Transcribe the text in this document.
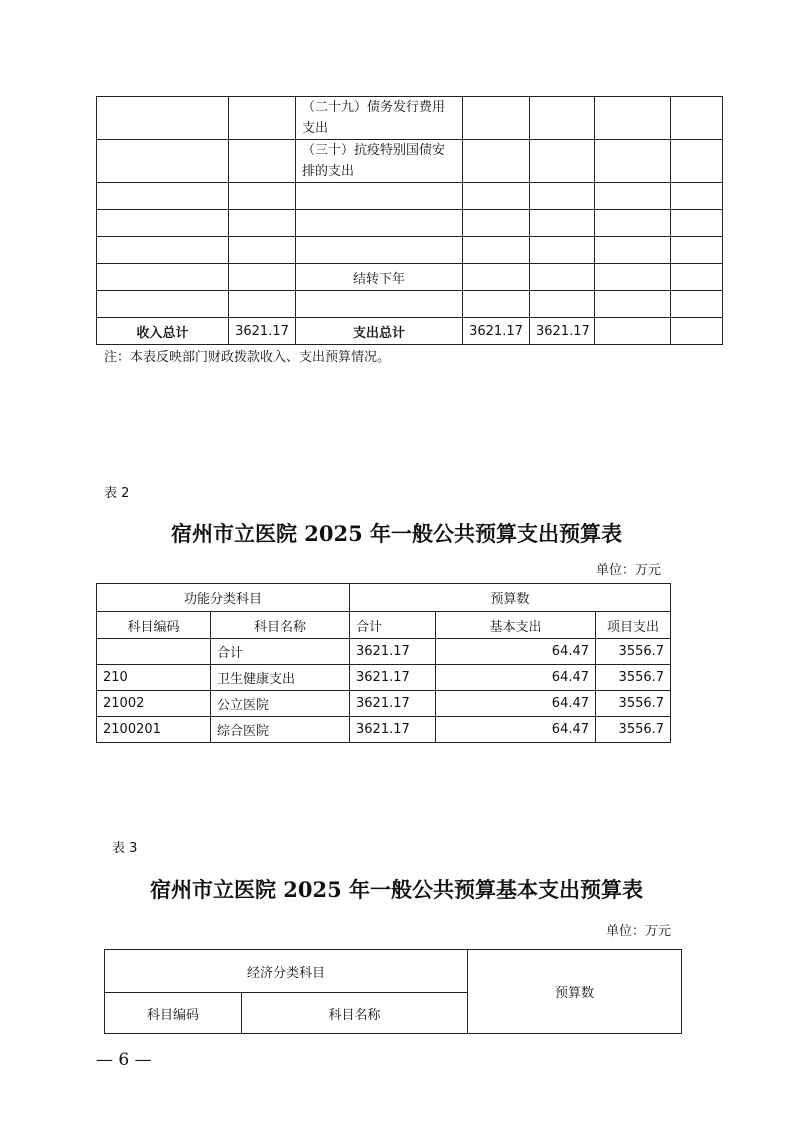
		（二十九）债务发行费用支出				
		（三十）抗疫特别国债安排的支出				

		结转下年				

收入总计	3621.17	支出总计	3621.17	3621.17		
注：本表反映部门财政拨款收入、支出预算情况。
表 2
宿州市立医院 2025 年一般公共预算支出预算表
单位：万元
功能分类科目		预算数		
科目编码	科目名称	合计	基本支出	项目支出
	合计	3621.17	64.47	3556.7
210	卫生健康支出	3621.17	64.47	3556.7
21002	公立医院	3621.17	64.47	3556.7
2100201	综合医院	3621.17	64.47	3556.7
表 3
宿州市立医院 2025 年一般公共预算基本支出预算表
单位：万元
经济分类科目		预算数
科目编码	科目名称	
— 6 —
